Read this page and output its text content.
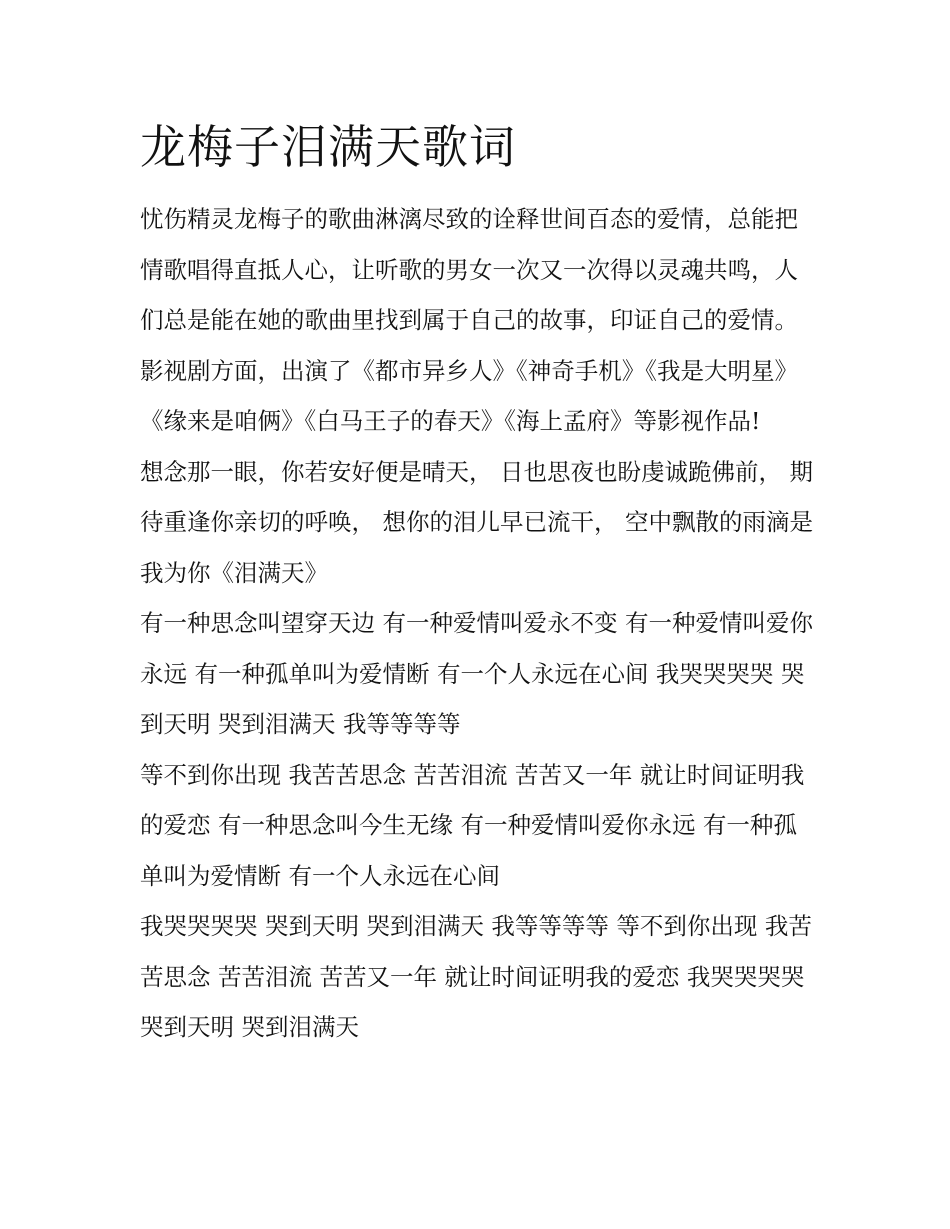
龙梅子泪满天歌词

忧伤精灵龙梅子的歌曲淋漓尽致的诠释世间百态的爱情，总能把情歌唱得直抵人心，让听歌的男女一次又一次得以灵魂共鸣，人们总是能在她的歌曲里找到属于自己的故事，印证自己的爱情。影视剧方面，出演了《都市异乡人》《神奇手机》《我是大明星》《缘来是咱俩》《白马王子的春天》《海上孟府》等影视作品!

想念那一眼，你若安好便是晴天， 日也思夜也盼虔诚跪佛前， 期待重逢你亲切的呼唤， 想你的泪儿早已流干， 空中飘散的雨滴是我为你《泪满天》

有一种思念叫望穿天边 有一种爱情叫爱永不变 有一种爱情叫爱你永远 有一种孤单叫为爱情断 有一个人永远在心间 我哭哭哭哭 哭到天明 哭到泪满天 我等等等等

等不到你出现 我苦苦思念 苦苦泪流 苦苦又一年 就让时间证明我的爱恋 有一种思念叫今生无缘 有一种爱情叫爱你永远 有一种孤单叫为爱情断 有一个人永远在心间

我哭哭哭哭 哭到天明 哭到泪满天 我等等等等 等不到你出现 我苦苦思念 苦苦泪流 苦苦又一年 就让时间证明我的爱恋 我哭哭哭哭 哭到天明 哭到泪满天
